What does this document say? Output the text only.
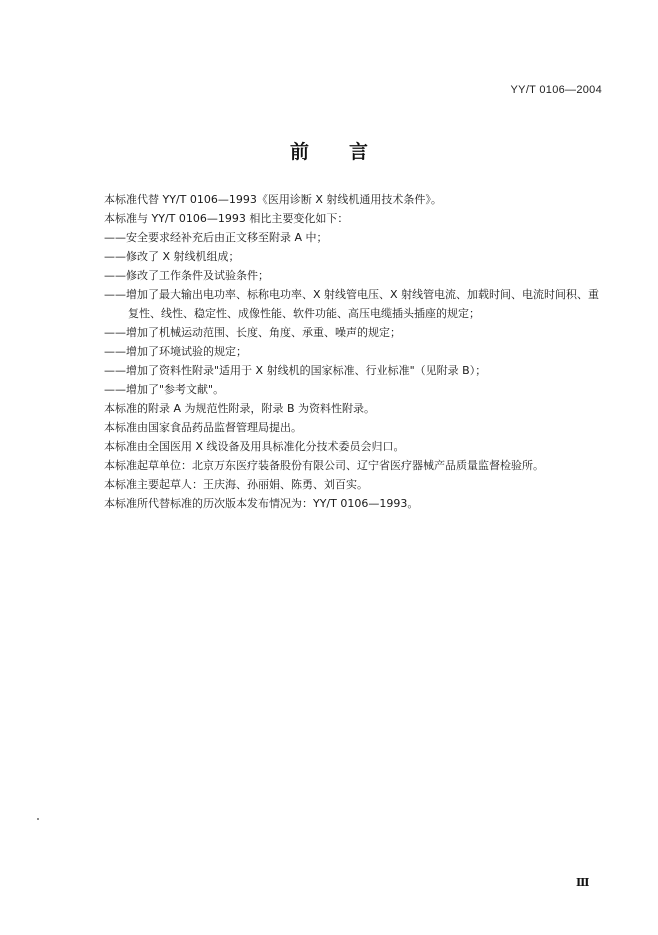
YY/T 0106—2004
前言
本标准代替 YY/T 0106—1993《医用诊断 X 射线机通用技术条件》。
本标准与 YY/T 0106—1993 相比主要变化如下：
——安全要求经补充后由正文移至附录 A 中；
——修改了 X 射线机组成；
——修改了工作条件及试验条件；
——增加了最大输出电功率、标称电功率、X 射线管电压、X 射线管电流、加载时间、电流时间积、重
复性、线性、稳定性、成像性能、软件功能、高压电缆插头插座的规定；
——增加了机械运动范围、长度、角度、承重、噪声的规定；
——增加了环境试验的规定；
——增加了资料性附录"适用于 X 射线机的国家标准、行业标准"（见附录 B）；
——增加了"参考文献"。
本标准的附录 A 为规范性附录，附录 B 为资料性附录。
本标准由国家食品药品监督管理局提出。
本标准由全国医用 X 线设备及用具标准化分技术委员会归口。
本标准起草单位：北京万东医疗装备股份有限公司、辽宁省医疗器械产品质量监督检验所。
本标准主要起草人：王庆海、孙丽娟、陈勇、刘百实。
本标准所代替标准的历次版本发布情况为：YY/T 0106—1993。
Ⅲ
